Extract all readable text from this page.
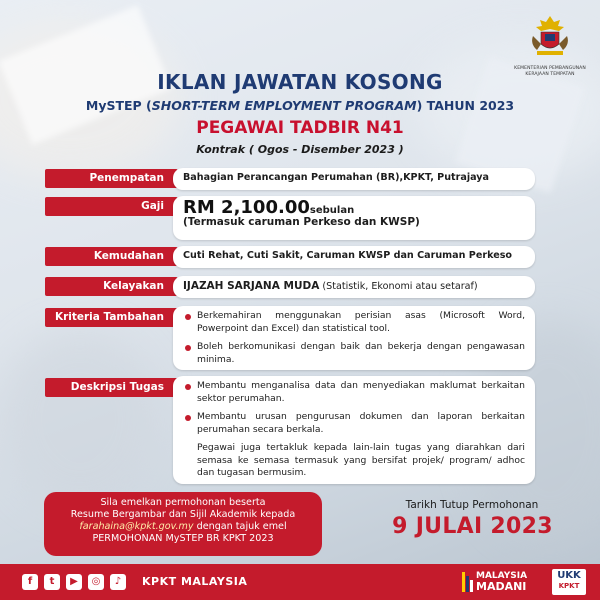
KEMENTERIAN PEMBANGUNAN
KERAJAAN TEMPATAN
IKLAN JAWATAN KOSONG
MySTEP (SHORT-TERM EMPLOYMENT PROGRAM) TAHUN 2023
PEGAWAI TADBIR N41
Kontrak ( Ogos - Disember 2023 )
Penempatan	Bahagian Perancangan Perumahan (BR),KPKT, Putrajaya
Gaji	RM 2,100.00sebulan
(Termasuk caruman Perkeso dan KWSP)
Kemudahan	Cuti Rehat, Cuti Sakit, Caruman KWSP dan Caruman Perkeso
Kelayakan	IJAZAH SARJANA MUDA (Statistik, Ekonomi atau setaraf)
Kriteria Tambahan	Berkemahiran menggunakan perisian asas (Microsoft Word, Powerpoint dan Excel) dan statistical tool.
Boleh berkomunikasi dengan baik dan bekerja dengan pengawasan minima.
Deskripsi Tugas	Membantu menganalisa data dan menyediakan maklumat berkaitan sektor perumahan.
Membantu urusan pengurusan dokumen dan laporan berkaitan perumahan secara berkala.
Pegawai juga tertakluk kepada lain-lain tugas yang diarahkan dari semasa ke semasa termasuk yang bersifat projek/ program/ adhoc dan tugasan bermusim.
Sila emelkan permohonan beserta
Resume Bergambar dan Sijil Akademik kepada
farahaina@kpkt.gov.my dengan tajuk emel
PERMOHONAN MySTEP BR KPKT 2023
Tarikh Tutup Permohonan
9 JULAI 2023
f	t	▶	◎	♪	KPKT MALAYSIA	MALAYSIA
MADANI
UKK
KPKT
